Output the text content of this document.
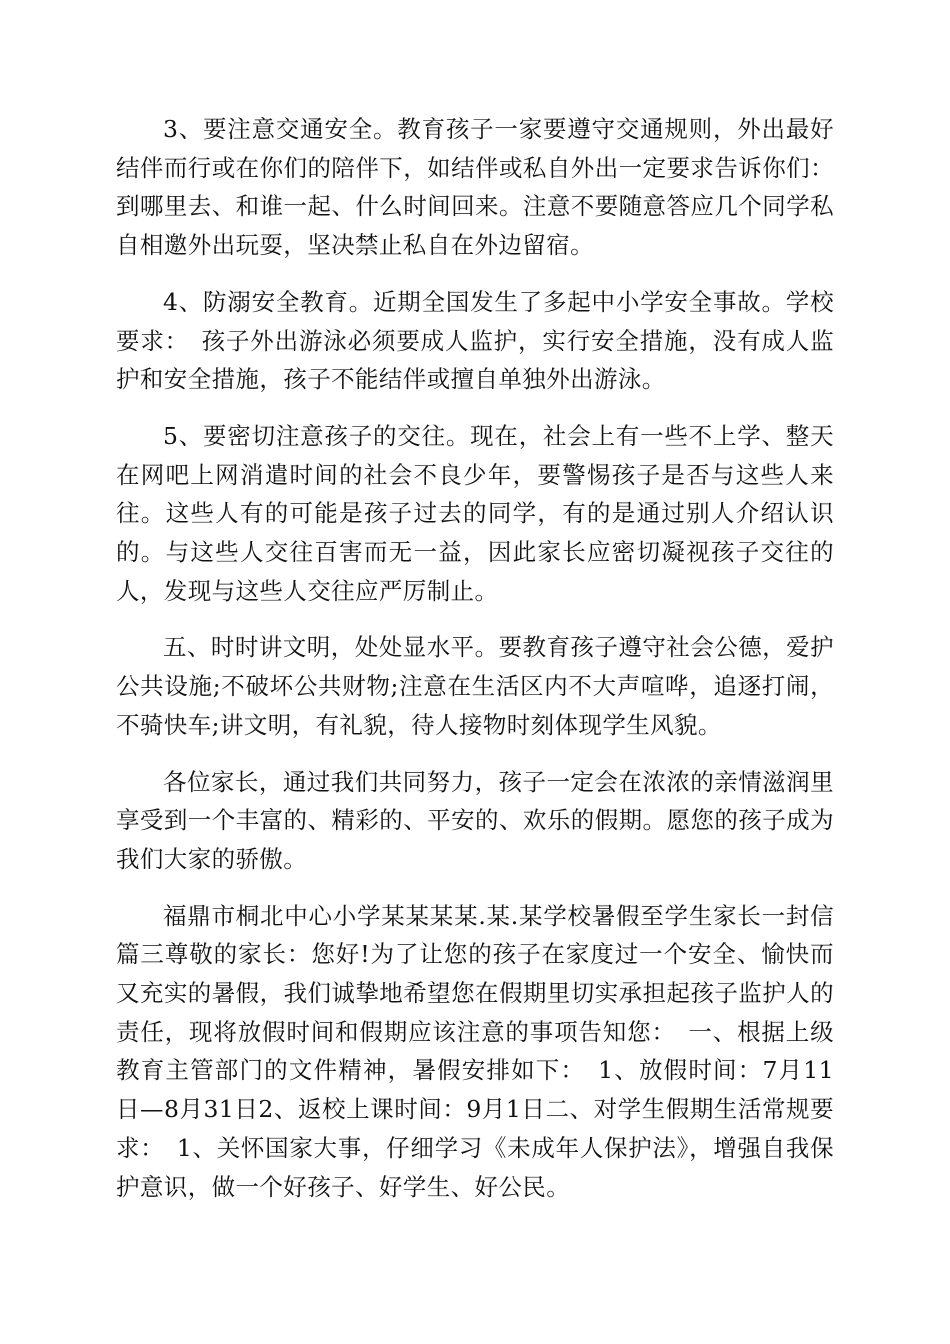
3、要注意交通安全。教育孩子一家要遵守交通规则，外出最好结伴而行或在你们的陪伴下，如结伴或私自外出一定要求告诉你们：到哪里去、和谁一起、什么时间回来。注意不要随意答应几个同学私自相邀外出玩耍，坚决禁止私自在外边留宿。

4、防溺安全教育。近期全国发生了多起中小学安全事故。学校要求：　孩子外出游泳必须要成人监护，实行安全措施，没有成人监护和安全措施，孩子不能结伴或擅自单独外出游泳。

5、要密切注意孩子的交往。现在，社会上有一些不上学、整天在网吧上网消遣时间的社会不良少年，要警惕孩子是否与这些人来往。这些人有的可能是孩子过去的同学，有的是通过别人介绍认识的。与这些人交往百害而无一益，因此家长应密切凝视孩子交往的人，发现与这些人交往应严厉制止。

五、时时讲文明，处处显水平。要教育孩子遵守社会公德，爱护公共设施;不破坏公共财物;注意在生活区内不大声喧哗，追逐打闹，不骑快车;讲文明，有礼貌，待人接物时刻体现学生风貌。

各位家长，通过我们共同努力，孩子一定会在浓浓的亲情滋润里享受到一个丰富的、精彩的、平安的、欢乐的假期。愿您的孩子成为我们大家的骄傲。

福鼎市桐北中心小学某某某某.某.某学校暑假至学生家长一封信篇三尊敬的家长：您好!为了让您的孩子在家度过一个安全、愉快而又充实的暑假，我们诚挚地希望您在假期里切实承担起孩子监护人的责任，现将放假时间和假期应该注意的事项告知您：　一、根据上级教育主管部门的文件精神，暑假安排如下：　1、放假时间：7月11日—8月31日2、返校上课时间：9月1日二、对学生假期生活常规要求：　1、关怀国家大事，仔细学习《未成年人保护法》，增强自我保护意识，做一个好孩子、好学生、好公民。
